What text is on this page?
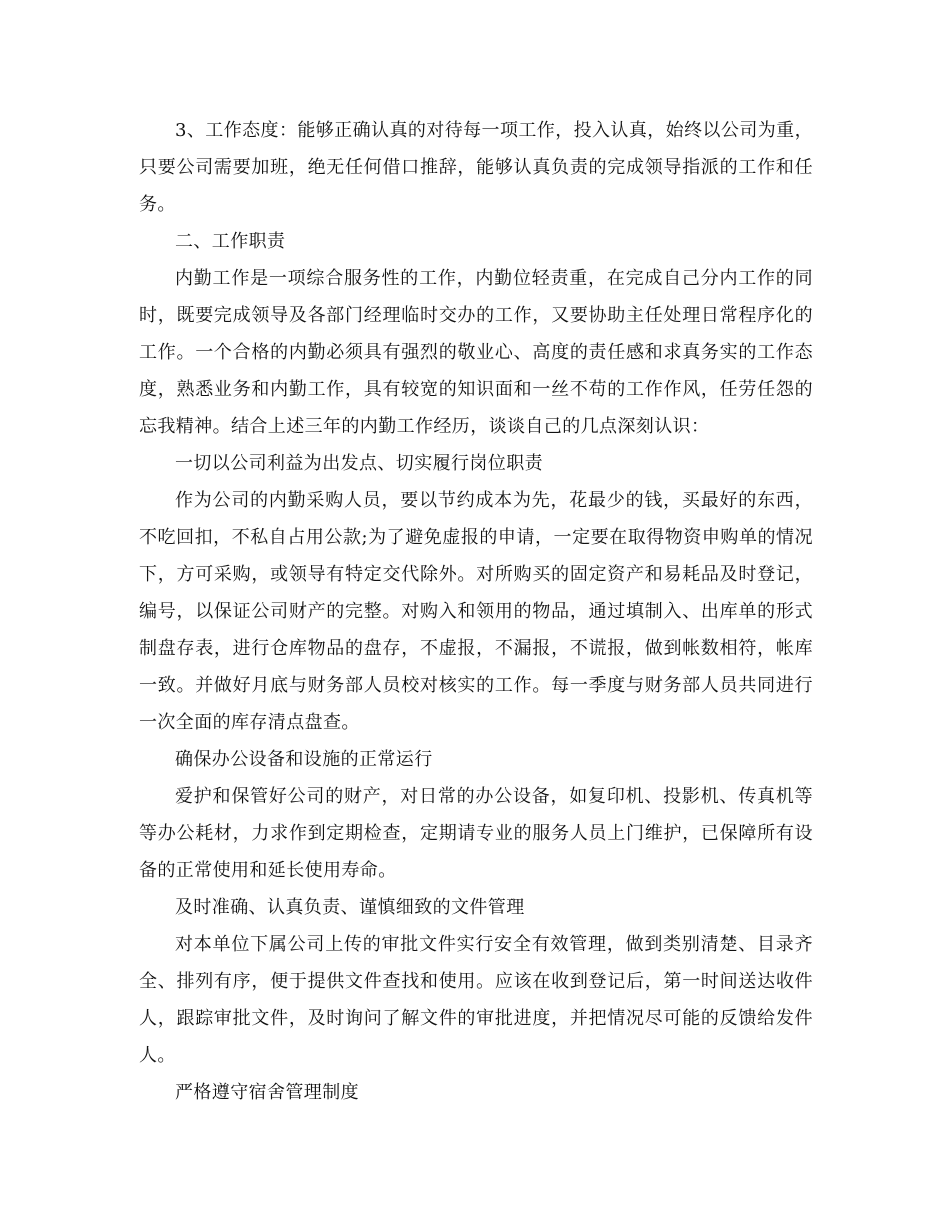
3、工作态度：能够正确认真的对待每一项工作，投入认真，始终以公司为重，只要公司需要加班，绝无任何借口推辞，能够认真负责的完成领导指派的工作和任务。

二、工作职责

内勤工作是一项综合服务性的工作，内勤位轻责重，在完成自己分内工作的同时，既要完成领导及各部门经理临时交办的工作，又要协助主任处理日常程序化的工作。一个合格的内勤必须具有强烈的敬业心、高度的责任感和求真务实的工作态度，熟悉业务和内勤工作，具有较宽的知识面和一丝不苟的工作作风，任劳任怨的忘我精神。结合上述三年的内勤工作经历，谈谈自己的几点深刻认识：

一切以公司利益为出发点、切实履行岗位职责

作为公司的内勤采购人员，要以节约成本为先，花最少的钱，买最好的东西，不吃回扣，不私自占用公款;为了避免虚报的申请，一定要在取得物资申购单的情况下，方可采购，或领导有特定交代除外。对所购买的固定资产和易耗品及时登记，编号，以保证公司财产的完整。对购入和领用的物品，通过填制入、出库单的形式制盘存表，进行仓库物品的盘存，不虚报，不漏报，不谎报，做到帐数相符，帐库一致。并做好月底与财务部人员校对核实的工作。每一季度与财务部人员共同进行一次全面的库存清点盘查。

确保办公设备和设施的正常运行

爱护和保管好公司的财产，对日常的办公设备，如复印机、投影机、传真机等等办公耗材，力求作到定期检查，定期请专业的服务人员上门维护，已保障所有设备的正常使用和延长使用寿命。

及时准确、认真负责、谨慎细致的文件管理

对本单位下属公司上传的审批文件实行安全有效管理，做到类别清楚、目录齐全、排列有序，便于提供文件查找和使用。应该在收到登记后，第一时间送达收件人，跟踪审批文件，及时询问了解文件的审批进度，并把情况尽可能的反馈给发件人。

严格遵守宿舍管理制度
